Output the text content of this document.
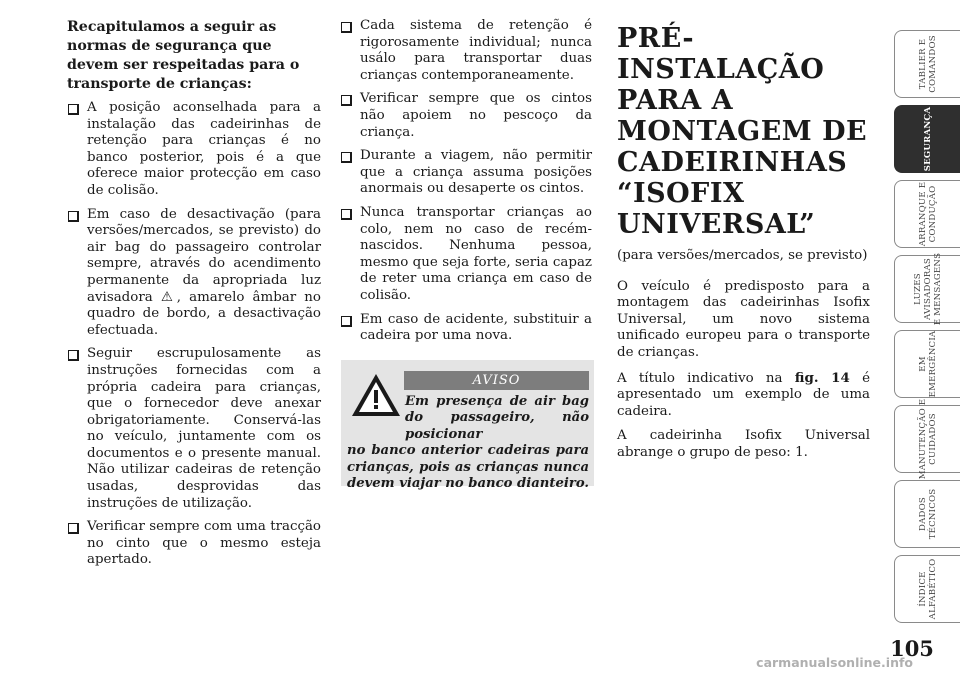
Recapitulamos a seguir as normas de segurança que devem ser respeitadas para o transporte de crianças:

A posição aconselhada para a instalação das cadeirinhas de retenção para crianças é no banco posterior, pois é a que oferece maior protecção em caso de colisão.
Em caso de desactivação (para versões/mercados, se previsto) do air bag do passageiro controlar sempre, através do acendimento permanente da apropriada luz avisadora ⚠, amarelo âmbar no quadro de bordo, a desactivação efectuada.
Seguir escrupulosamente as instruções fornecidas com a própria cadeira para crianças, que o fornecedor deve anexar obrigatoriamente. Conservá-las no veículo, juntamente com os documentos e o presente manual. Não utilizar cadeiras de retenção usadas, desprovidas das instruções de utilização.
Verificar sempre com uma tracção no cinto que o mesmo esteja apertado.
Cada sistema de retenção é rigorosamente individual; nunca usálo para transportar duas crianças contemporaneamente.
Verificar sempre que os cintos não apoiem no pescoço da criança.
Durante a viagem, não permitir que a criança assuma posições anormais ou desaperte os cintos.
Nunca transportar crianças ao colo, nem no caso de recém-nascidos. Nenhuma pessoa, mesmo que seja forte, seria capaz de reter uma criança em caso de colisão.
Em caso de acidente, substituir a cadeira por uma nova.
AVISO
Em presença de air bag do passageiro, não posicionar
no banco anterior cadeiras para crianças, pois as crianças nunca devem viajar no banco dianteiro.
PRÉ-INSTALAÇÃO PARA A MONTAGEM DE CADEIRINHAS “ISOFIX UNIVERSAL”

(para versões/mercados, se previsto)

O veículo é predisposto para a montagem das cadeirinhas Isofix Universal, um novo sistema unificado europeu para o transporte de crianças.

A título indicativo na fig. 14 é apresentado um exemplo de uma cadeira.

A cadeirinha Isofix Universal abrange o grupo de peso: 1.

TABLIER E
COMANDOS
SEGURANÇA
ARRANQUE E
CONDUÇÃO
LUZES
AVISADORAS
E MENSAGENS
EM
EMERGÊNCIA
MANUTENÇÃO E
CUIDADOS
DADOS
TÉCNICOS
ÍNDICE
ALFABÉTICO
105
carmanualsonline.info
